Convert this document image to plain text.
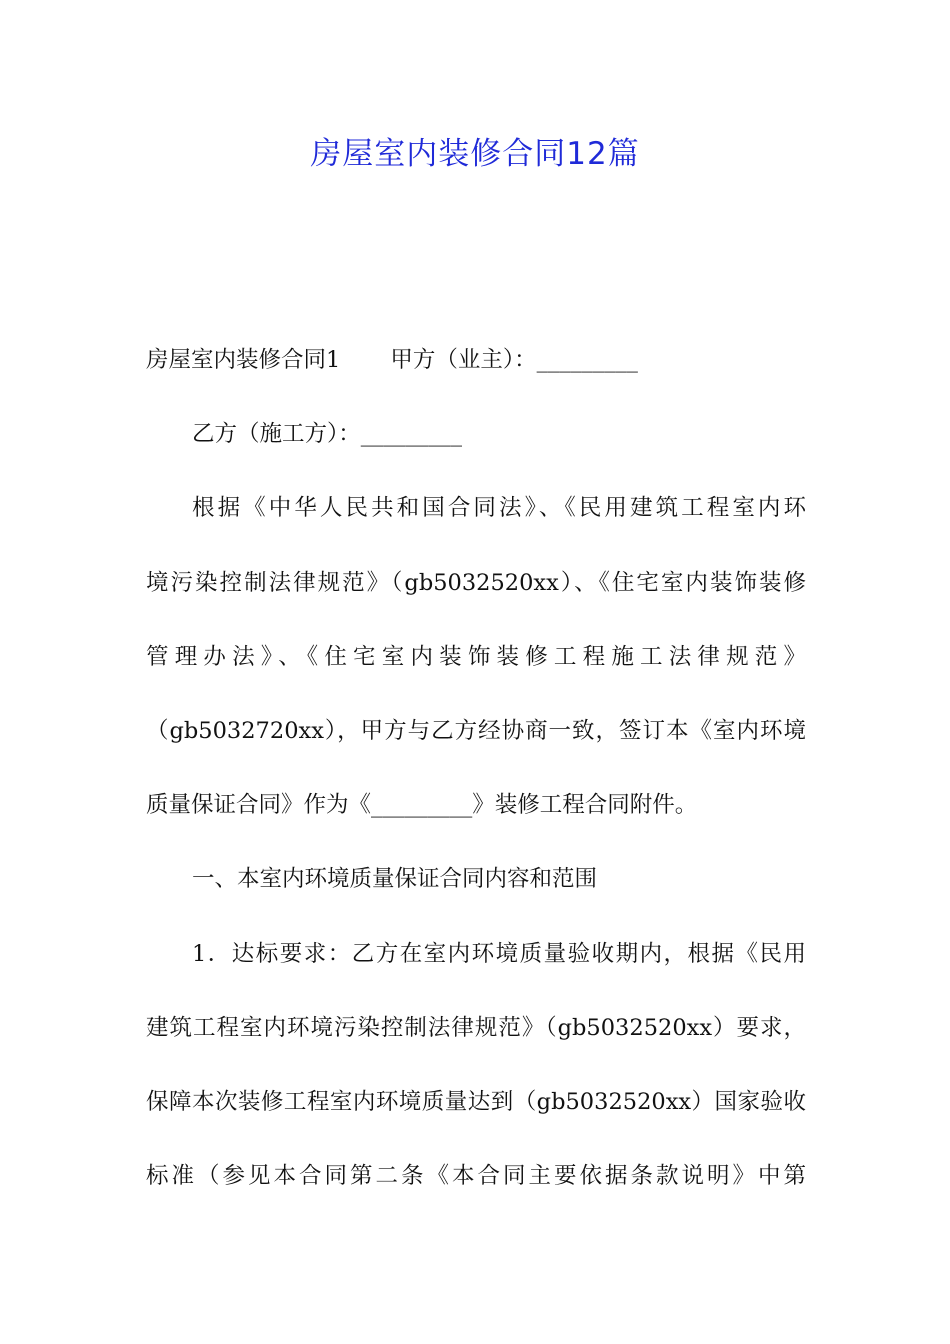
房屋室内装修合同12篇
房屋室内装修合同1 甲方（业主）：_________
乙方（施工方）：_________
根据《中华人民共和国合同法》、《民用建筑工程室内环
境污染控制法律规范》（gb5032520xx）、《住宅室内装饰装修
管理办法》、《住宅室内装饰装修工程施工法律规范》
（gb5032720xx），甲方与乙方经协商一致，签订本《室内环境
质量保证合同》作为《_________》装修工程合同附件。
一、本室内环境质量保证合同内容和范围
1．达标要求：乙方在室内环境质量验收期内，根据《民用
建筑工程室内环境污染控制法律规范》（gb5032520xx）要求，
保障本次装修工程室内环境质量达到（gb5032520xx）国家验收
标准（参见本合同第二条《本合同主要依据条款说明》中第
